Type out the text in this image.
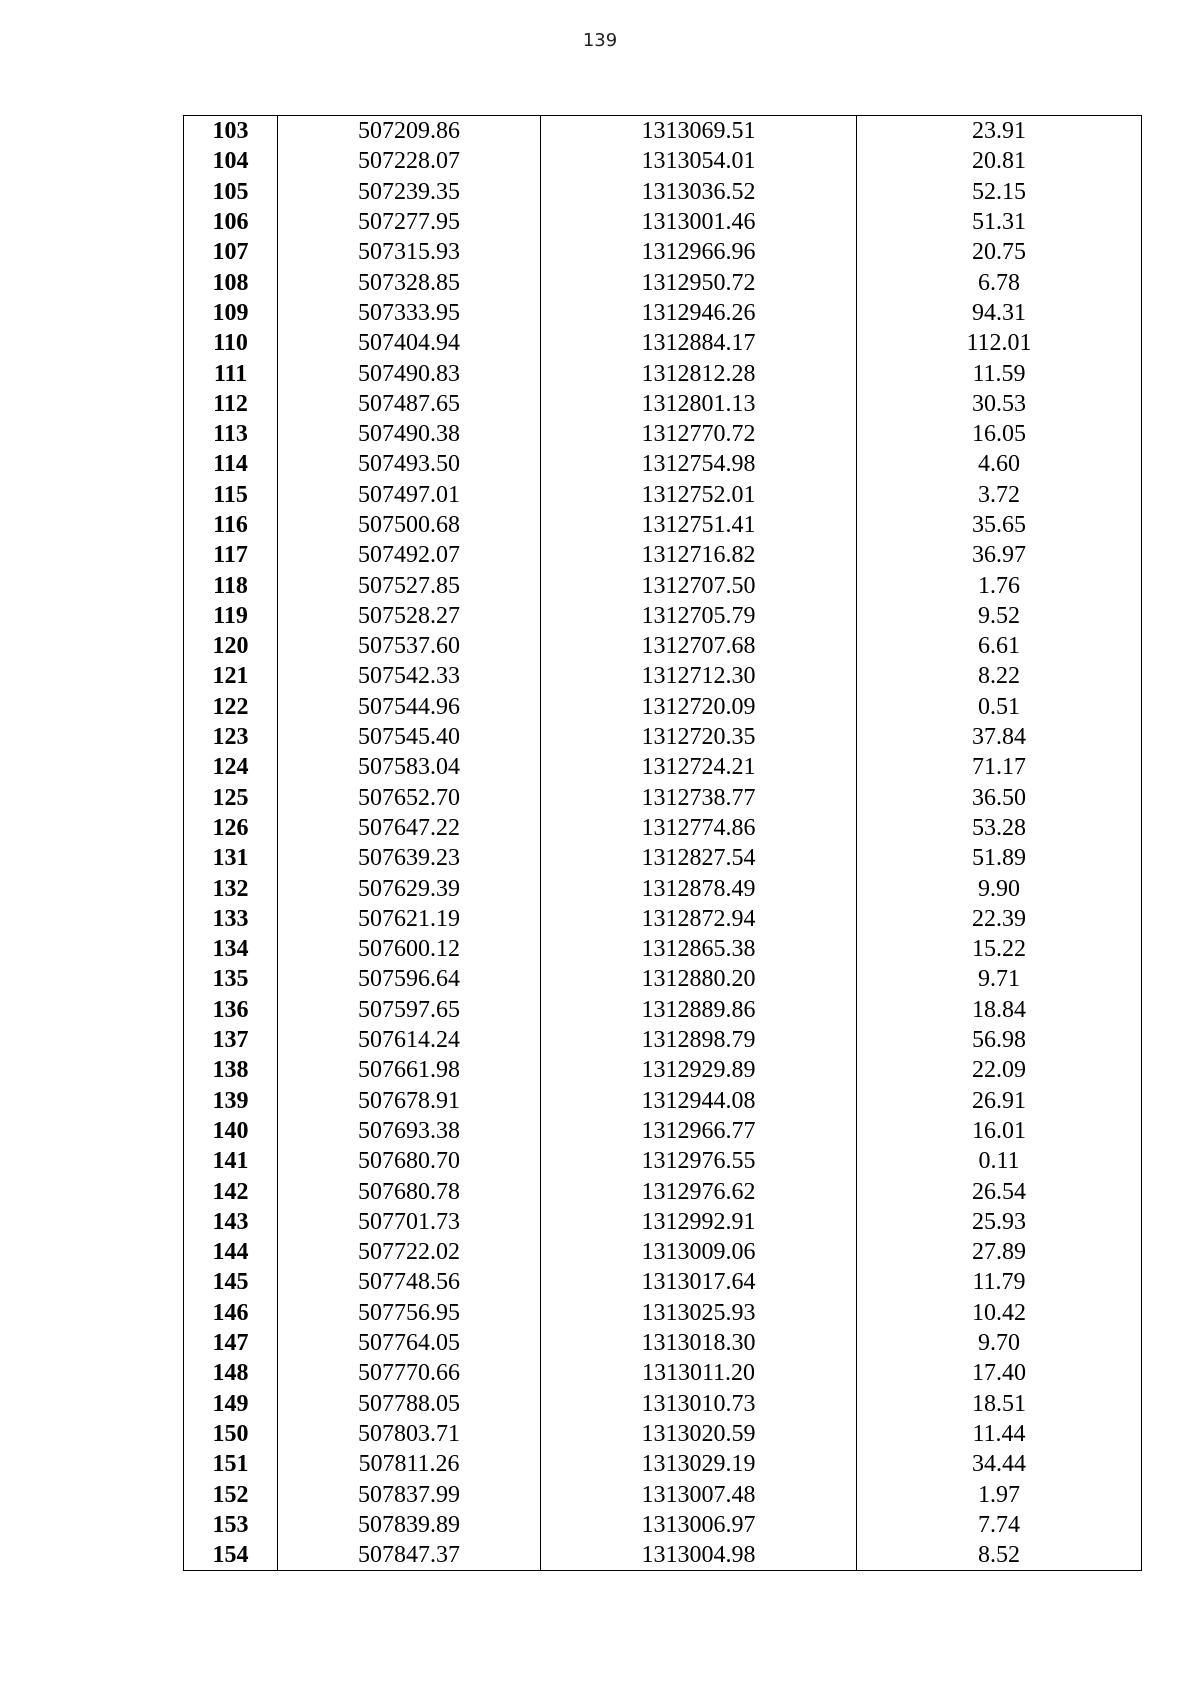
139
103	507209.86	1313069.51	23.91
104	507228.07	1313054.01	20.81
105	507239.35	1313036.52	52.15
106	507277.95	1313001.46	51.31
107	507315.93	1312966.96	20.75
108	507328.85	1312950.72	6.78
109	507333.95	1312946.26	94.31
110	507404.94	1312884.17	112.01
111	507490.83	1312812.28	11.59
112	507487.65	1312801.13	30.53
113	507490.38	1312770.72	16.05
114	507493.50	1312754.98	4.60
115	507497.01	1312752.01	3.72
116	507500.68	1312751.41	35.65
117	507492.07	1312716.82	36.97
118	507527.85	1312707.50	1.76
119	507528.27	1312705.79	9.52
120	507537.60	1312707.68	6.61
121	507542.33	1312712.30	8.22
122	507544.96	1312720.09	0.51
123	507545.40	1312720.35	37.84
124	507583.04	1312724.21	71.17
125	507652.70	1312738.77	36.50
126	507647.22	1312774.86	53.28
131	507639.23	1312827.54	51.89
132	507629.39	1312878.49	9.90
133	507621.19	1312872.94	22.39
134	507600.12	1312865.38	15.22
135	507596.64	1312880.20	9.71
136	507597.65	1312889.86	18.84
137	507614.24	1312898.79	56.98
138	507661.98	1312929.89	22.09
139	507678.91	1312944.08	26.91
140	507693.38	1312966.77	16.01
141	507680.70	1312976.55	0.11
142	507680.78	1312976.62	26.54
143	507701.73	1312992.91	25.93
144	507722.02	1313009.06	27.89
145	507748.56	1313017.64	11.79
146	507756.95	1313025.93	10.42
147	507764.05	1313018.30	9.70
148	507770.66	1313011.20	17.40
149	507788.05	1313010.73	18.51
150	507803.71	1313020.59	11.44
151	507811.26	1313029.19	34.44
152	507837.99	1313007.48	1.97
153	507839.89	1313006.97	7.74
154	507847.37	1313004.98	8.52
